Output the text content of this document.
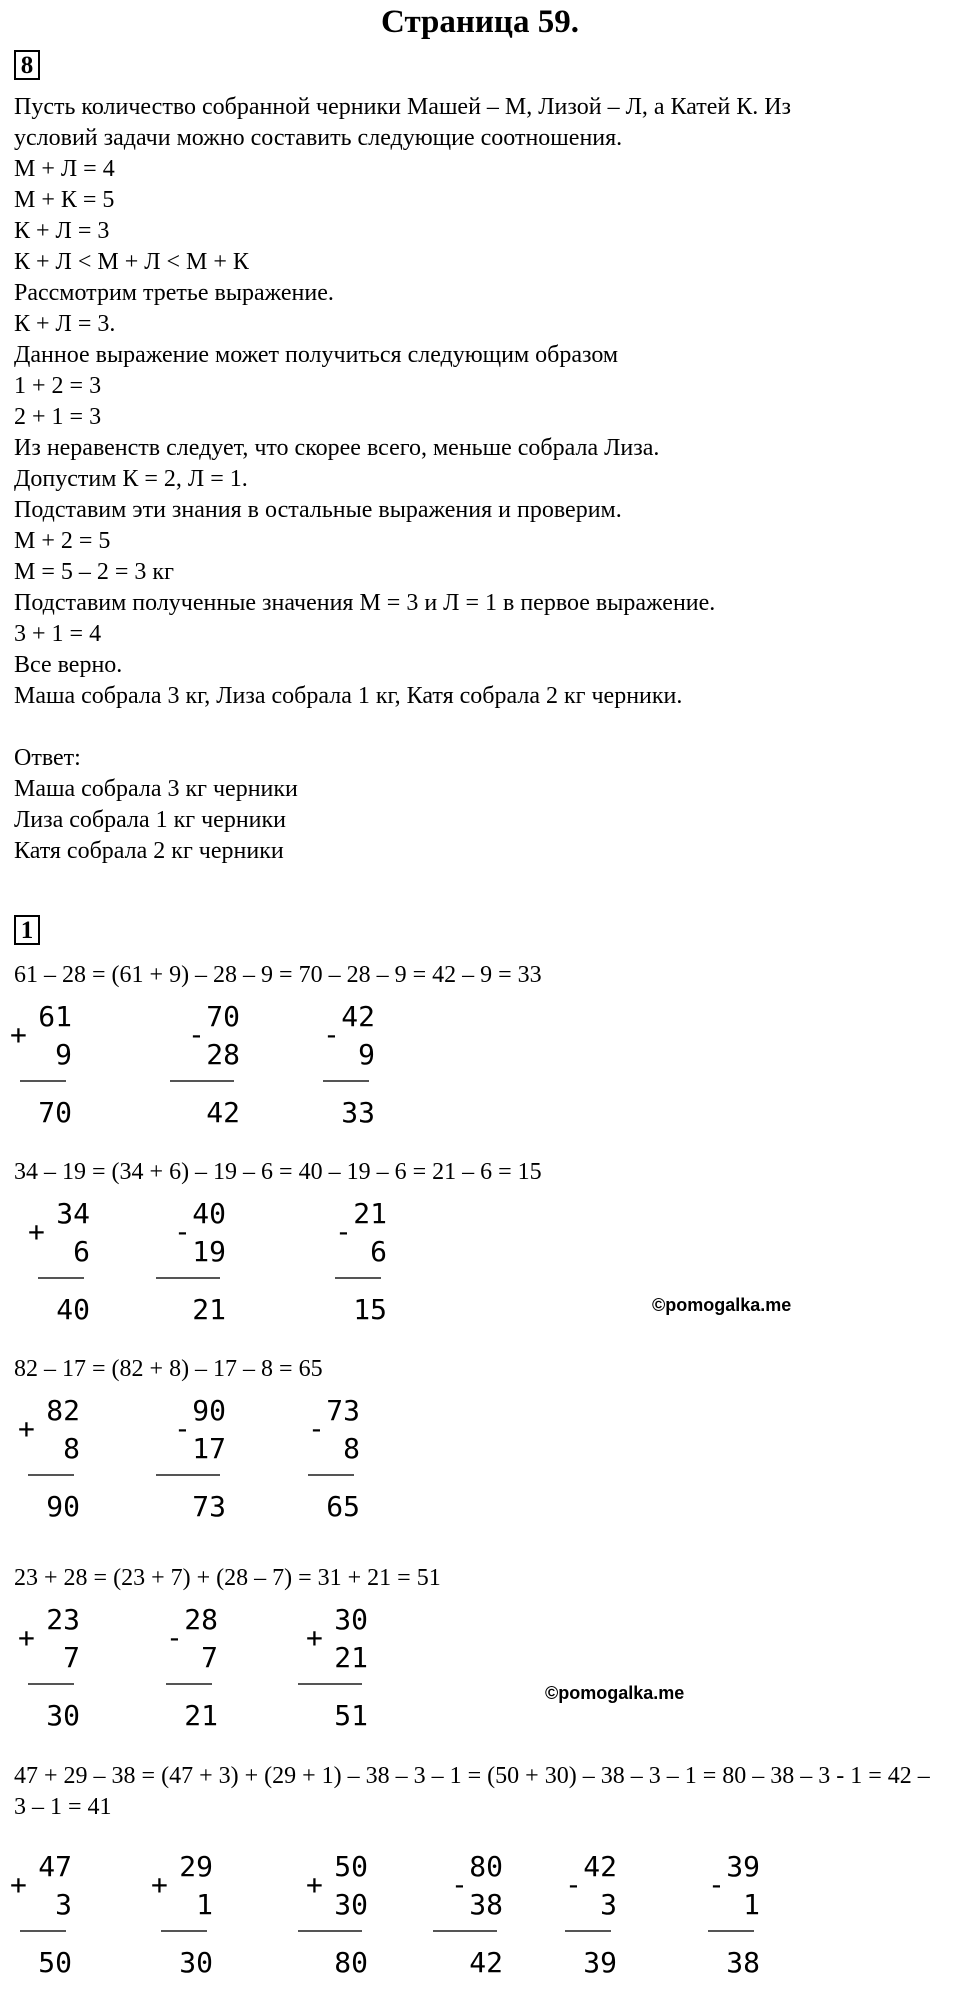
Страница 59.
8
Пусть количество собранной черники Машей – М, Лизой – Л, а Катей К. Из
условий задачи можно составить следующие соотношения.
М + Л = 4
М + К = 5
К + Л = 3
К + Л < М + Л < М + К
Рассмотрим третье выражение.
К + Л = 3.
Данное выражение может получиться следующим образом
1 + 2 = 3
2 + 1 = 3
Из неравенств следует, что скорее всего, меньше собрала Лиза.
Допустим К = 2, Л = 1.
Подставим эти знания в остальные выражения и проверим.
М + 2 = 5
М = 5 – 2 = 3 кг
Подставим полученные значения М = 3 и Л = 1 в первое выражение.
3 + 1 = 4
Все верно.
Маша собрала 3 кг, Лиза собрала 1 кг, Катя собрала 2 кг черники.
Ответ:
Маша собрала 3 кг черники
Лиза собрала 1 кг черники
Катя собрала 2 кг черники
1
61 – 28 = (61 + 9) – 28 – 9 = 70 – 28 – 9 = 42 – 9 = 33
34 – 19 = (34 + 6) – 19 – 6 = 40 – 19 – 6 = 21 – 6 = 15
82 – 17 = (82 + 8) – 17 – 8 = 65
23 + 28 = (23 + 7) + (28 – 7) = 31 + 21 = 51
47 + 29 – 38 = (47 + 3) + (29 + 1) – 38 – 3 – 1 = (50 + 30) – 38 – 3 – 1 = 80 – 38 – 3 - 1 = 42 – 3 – 1 = 41
©pomogalka.me
©pomogalka.me
+
61
9
70
-
70
28
42
-
42
9
33
+
34
6
40
-
40
19
21
-
21
6
15
+
82
8
90
-
90
17
73
-
73
8
65
+
23
7
30
-
28
7
21
+
30
21
51
+
47
3
50
+
29
1
30
+
50
30
80
-
80
38
42
-
42
3
39
-
39
1
38
